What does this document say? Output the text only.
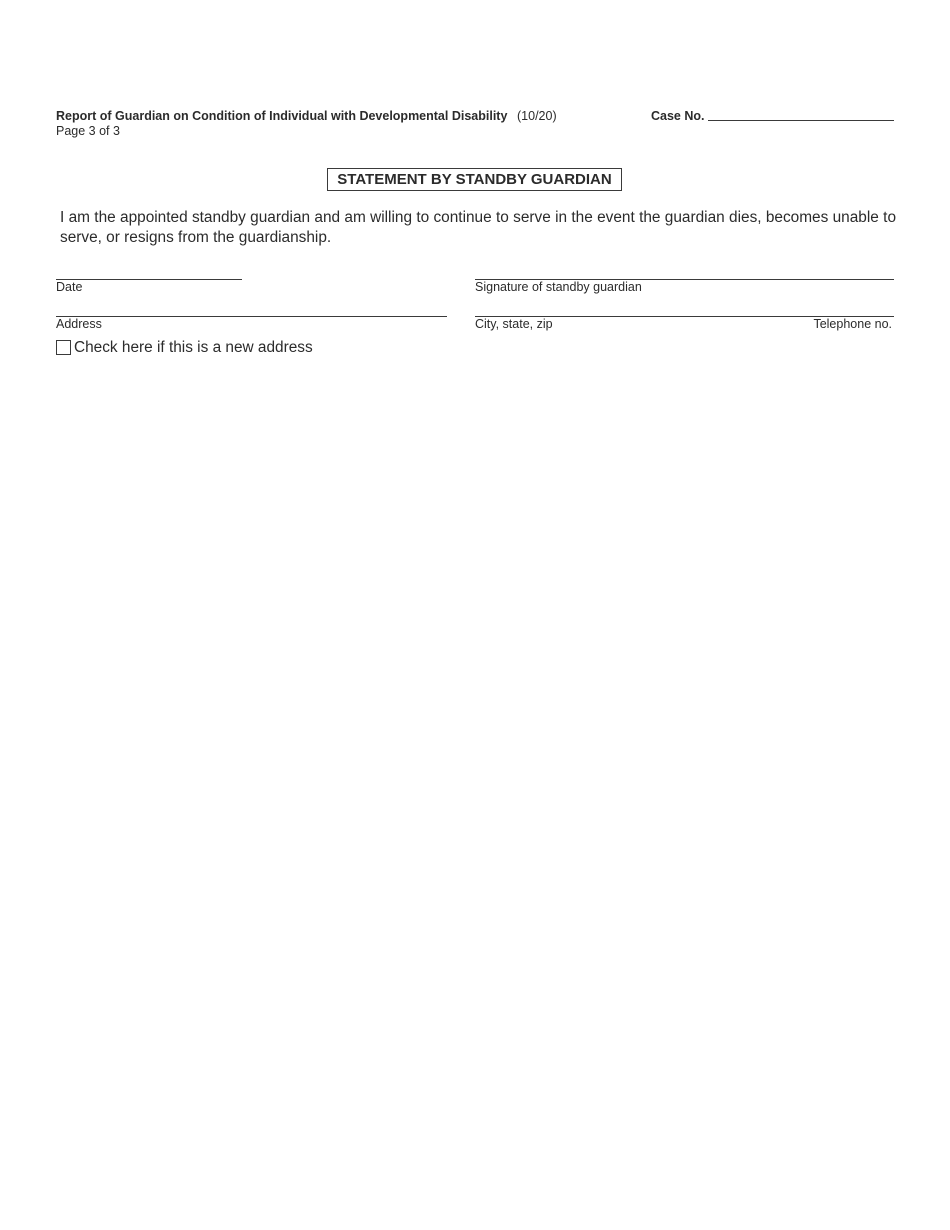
Report of Guardian on Condition of Individual with Developmental Disability (10/20)
Page 3 of 3
Case No.
STATEMENT BY STANDBY GUARDIAN
I am the appointed standby guardian and am willing to continue to serve in the event the guardian dies, becomes unable to serve, or resigns from the guardianship.
Date	Signature of standby guardian
Address	City, state, zip	Telephone no.
Check here if this is a new address
